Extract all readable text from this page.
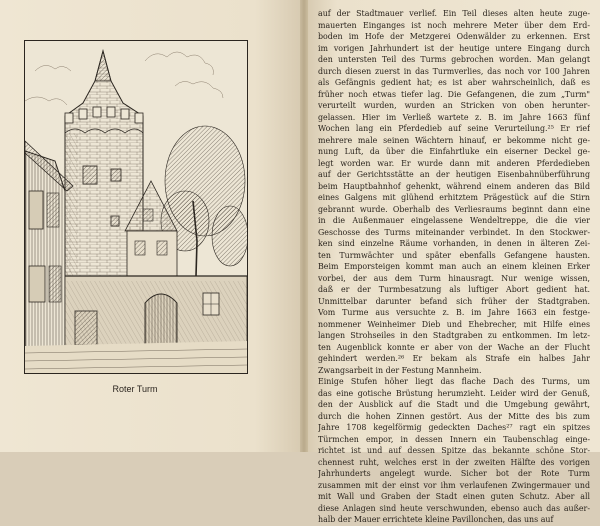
Roter Turm
auf der Stadtmauer verlief. Ein Teil dieses alten heute zuge-
mauerten Einganges ist noch mehrere Meter über dem Erd-
boden im Hofe der Metzgerei Odenwälder zu erkennen. Erst
im vorigen Jahrhundert ist der heutige untere Eingang durch
den untersten Teil des Turms gebrochen worden. Man gelangt
durch diesen zuerst in das Turmverlies, das noch vor 100 Jahren
als Gefängnis gedient hat; es ist aber wahrscheinlich, daß es
früher noch etwas tiefer lag. Die Gefangenen, die zum „Turm"
verurteilt wurden, wurden an Stricken von oben herunter-
gelassen. Hier im Verließ wartete z. B. im Jahre 1663 fünf
Wochen lang ein Pferdedieb auf seine Verurteilung.²⁵ Er rief
mehrere male seinen Wächtern hinauf, er bekomme nicht ge-
nung Luft, da über die Einfahrtluke ein eiserner Deckel ge-
legt worden war. Er wurde dann mit anderen Pferdedieben
auf der Gerichtsstätte an der heutigen Eisenbahnüberführung
beim Hauptbahnhof gehenkt, während einem anderen das Bild
eines Galgens mit glühend erhitztem Prägestück auf die Stirn
gebrannt wurde. Oberhalb des Verliesraums beginnt dann eine
in die Außenmauer eingelassene Wendeltreppe, die die vier
Geschosse des Turms miteinander verbindet. In den Stockwer-
ken sind einzelne Räume vorhanden, in denen in älteren Zei-
ten Turmwächter und später ebenfalls Gefangene hausten.
Beim Emporsteigen kommt man auch an einem kleinen Erker
vorbei, der aus dem Turm hinausragt. Nur wenige wissen,
daß er der Turmbesatzung als luftiger Abort gedient hat.
Unmittelbar darunter befand sich früher der Stadtgraben.
Vom Turme aus versuchte z. B. im Jahre 1663 ein festge-
nommener Weinheimer Dieb und Ehebrecher, mit Hilfe eines
langen Strohseiles in den Stadtgraben zu entkommen. Im letz-
ten Augenblick konnte er aber von der Wache an der Flucht
gehindert werden.²⁶ Er bekam als Strafe ein halbes Jahr
Zwangsarbeit in der Festung Mannheim.
Einige Stufen höher liegt das flache Dach des Turms, um
das eine gotische Brüstung herumzieht. Leider wird der Genuß,
den der Ausblick auf die Stadt und die Umgebung gewährt,
durch die hohen Zinnen gestört. Aus der Mitte des bis zum
Jahre 1708 kegelförmig gedeckten Daches²⁷ ragt ein spitzes
Türmchen empor, in dessen Innern ein Taubenschlag einge-
richtet ist und auf dessen Spitze das bekannte schöne Stor-
chennest ruht, welches erst in der zweiten Hälfte des vorigen
Jahrhunderts angelegt wurde. Sicher bot der Rote Turm
zusammen mit der einst vor ihm verlaufenen Zwingermauer und
mit Wall und Graben der Stadt einen guten Schutz. Aber all
diese Anlagen sind heute verschwunden, ebenso auch das außer-
halb der Mauer errichtete kleine Pavillonchen, das uns auf
